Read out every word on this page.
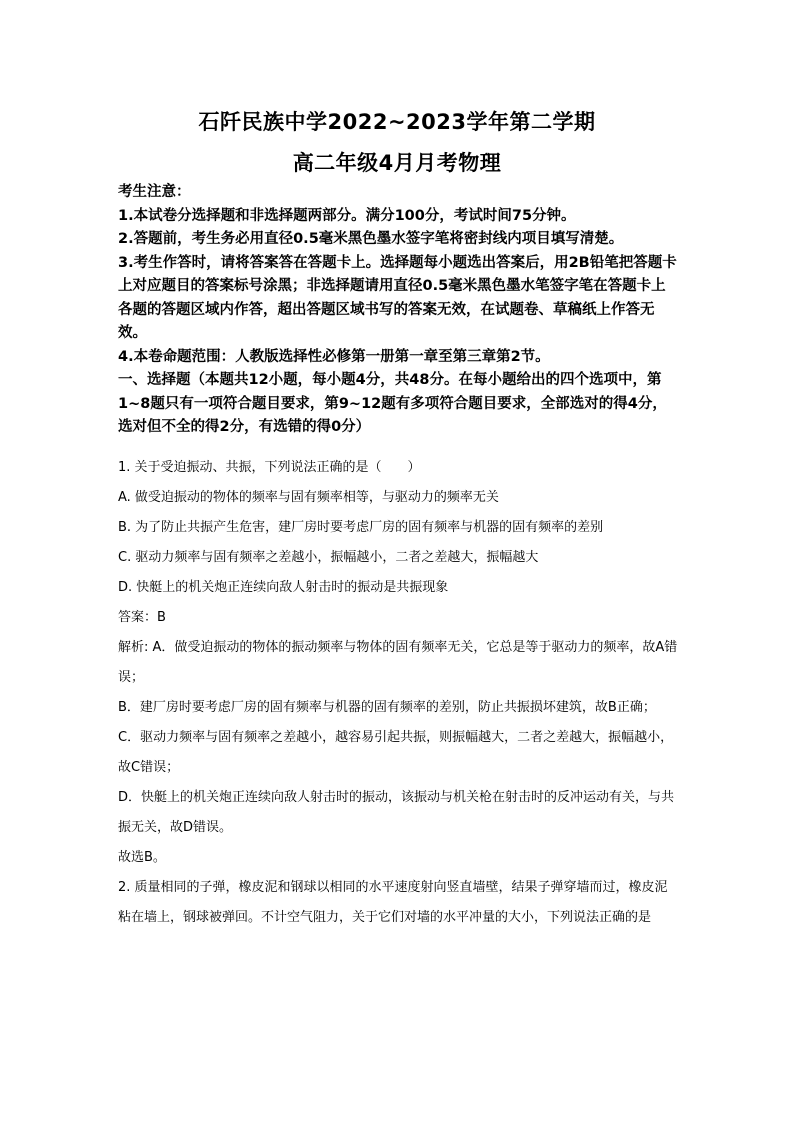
石阡民族中学2022~2023学年第二学期
高二年级4月月考物理

考生注意：

1.本试卷分选择题和非选择题两部分。满分100分，考试时间75分钟。

2.答题前，考生务必用直径0.5毫米黑色墨水签字笔将密封线内项目填写清楚。

3.考生作答时，请将答案答在答题卡上。选择题每小题选出答案后，用2B铅笔把答题卡上对应题目的答案标号涂黑；非选择题请用直径0.5毫米黑色墨水笔签字笔在答题卡上各题的答题区域内作答，超出答题区域书写的答案无效，在试题卷、草稿纸上作答无效。

4.本卷命题范围：人教版选择性必修第一册第一章至第三章第2节。

一、选择题（本题共12小题，每小题4分，共48分。在每小题给出的四个选项中，第1~8题只有一项符合题目要求，第9~12题有多项符合题目要求，全部选对的得4分，选对但不全的得2分，有选错的得0分）

1. 关于受迫振动、共振，下列说法正确的是（　　）

A. 做受迫振动的物体的频率与固有频率相等，与驱动力的频率无关

B. 为了防止共振产生危害，建厂房时要考虑厂房的固有频率与机器的固有频率的差别

C. 驱动力频率与固有频率之差越小，振幅越小，二者之差越大，振幅越大

D. 快艇上的机关炮正连续向敌人射击时的振动是共振现象

答案：B

解析: A．做受迫振动的物体的振动频率与物体的固有频率无关，它总是等于驱动力的频率，故A错误；

B．建厂房时要考虑厂房的固有频率与机器的固有频率的差别，防止共振损坏建筑，故B正确；

C．驱动力频率与固有频率之差越小，越容易引起共振，则振幅越大，二者之差越大，振幅越小，故C错误；

D．快艇上的机关炮正连续向敌人射击时的振动，该振动与机关枪在射击时的反冲运动有关，与共振无关，故D错误。

故选B。

2. 质量相同的子弹，橡皮泥和钢球以相同的水平速度射向竖直墙壁，结果子弹穿墙而过，橡皮泥粘在墙上，钢球被弹回。不计空气阻力，关于它们对墙的水平冲量的大小，下列说法正确的是
